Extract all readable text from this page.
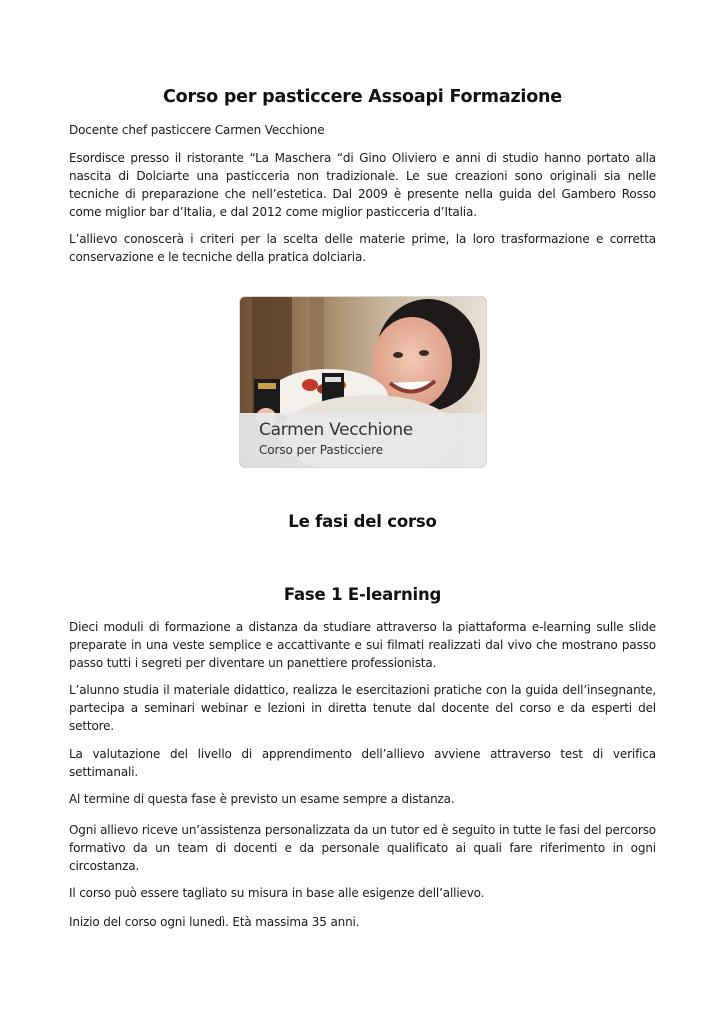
Corso per pasticcere Assoapi Formazione

Docente chef pasticcere Carmen Vecchione

Esordisce presso il ristorante “La Maschera “di Gino Oliviero e anni di studio hanno portato alla nascita di Dolciarte una pasticceria non tradizionale. Le sue creazioni sono originali sia nelle tecniche di preparazione che nell’estetica. Dal 2009 è presente nella guida del Gambero Rosso come miglior bar d’Italia, e dal 2012 come miglior pasticceria d’Italia.

L’allievo conoscerà i criteri per la scelta delle materie prime, la loro trasformazione e corretta conservazione e le tecniche della pratica dolciaria.

Carmen Vecchione
Corso per Pasticciere
Le fasi del corso
Fase 1 E-learning

Dieci moduli di formazione a distanza da studiare attraverso la piattaforma e-learning sulle slide preparate in una veste semplice e accattivante e sui filmati realizzati dal vivo che mostrano passo passo tutti i segreti per diventare un panettiere professionista.

L’alunno studia il materiale didattico, realizza le esercitazioni pratiche con la guida dell’insegnante, partecipa a seminari webinar e lezioni in diretta tenute dal docente del corso e da esperti del settore.

La valutazione del livello di apprendimento dell’allievo avviene attraverso test di verifica settimanali.

Al termine di questa fase è previsto un esame sempre a distanza.

Ogni allievo riceve un’assistenza personalizzata da un tutor ed è seguito in tutte le fasi del percorso formativo da un team di docenti e da personale qualificato ai quali fare riferimento in ogni circostanza.

Il corso può essere tagliato su misura in base alle esigenze dell’allievo.

Inizio del corso ogni lunedì. Età massima 35 anni.
